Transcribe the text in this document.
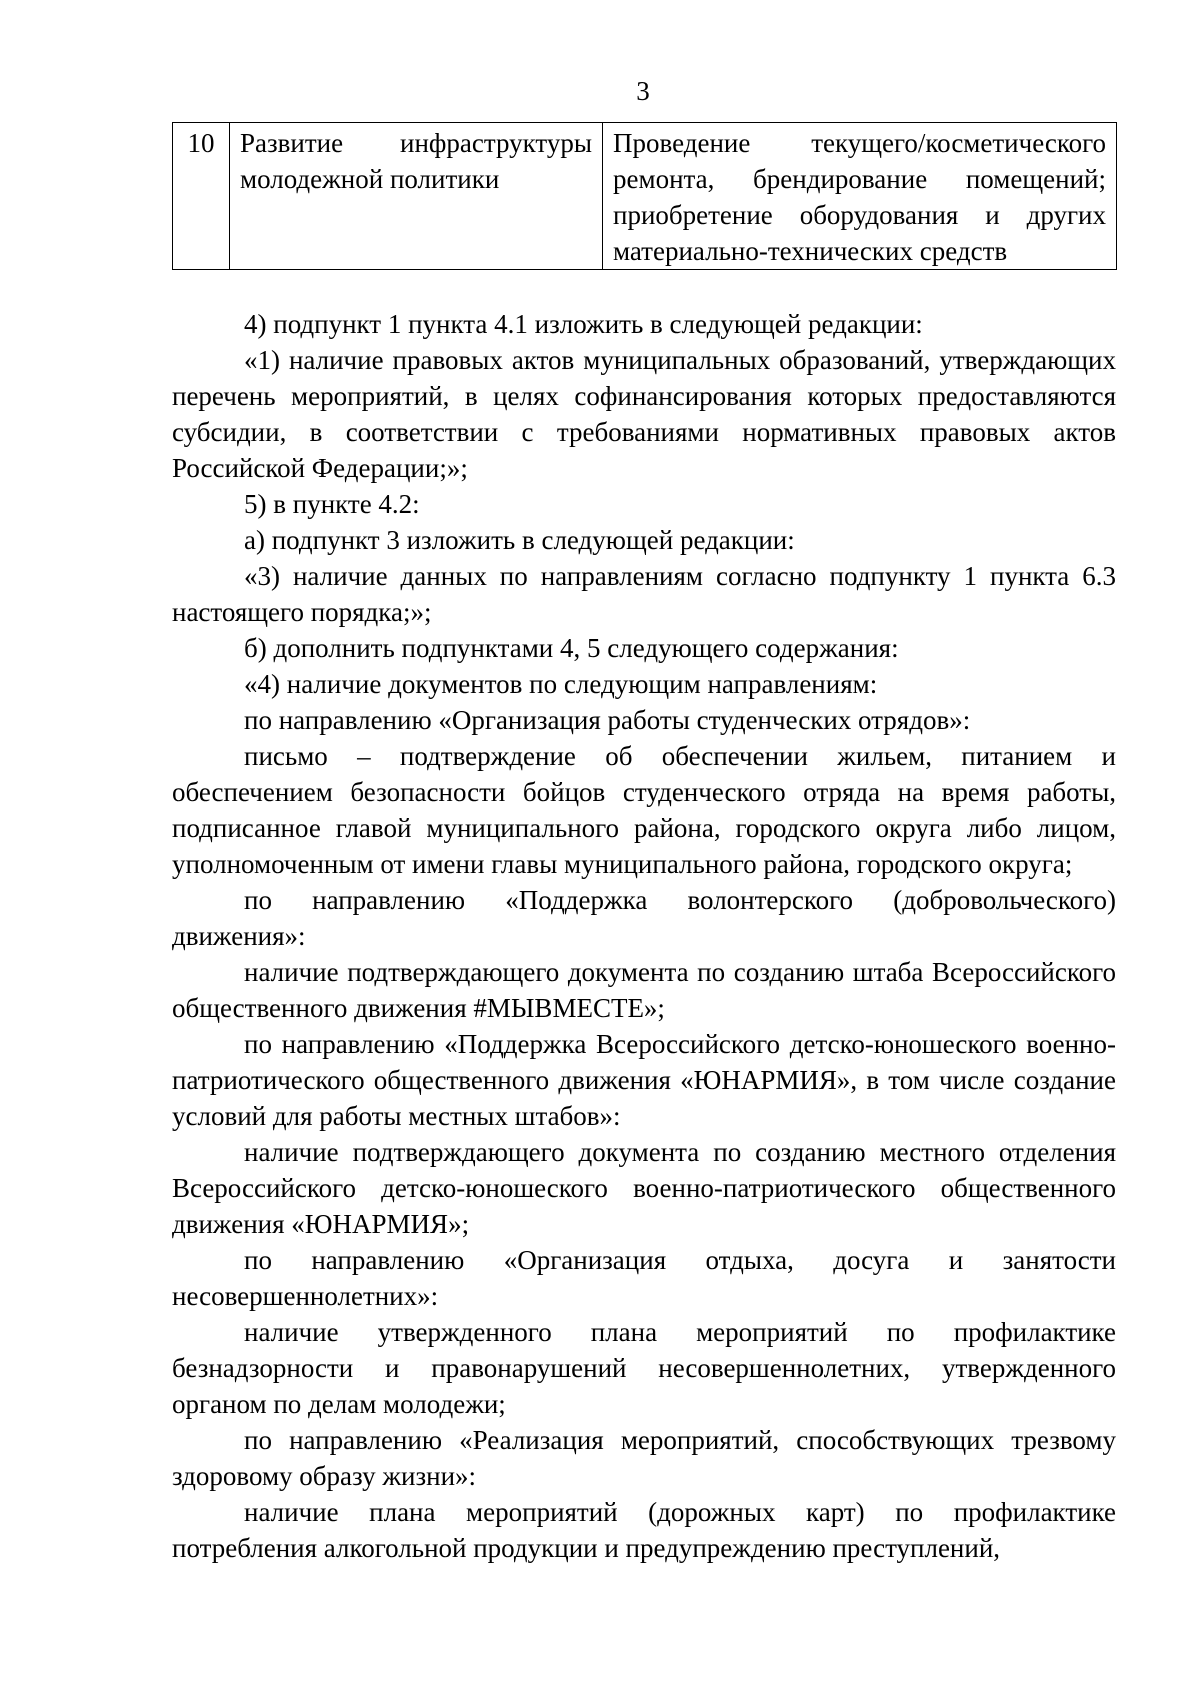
3
10	Развитие инфраструктуры молодежной политики	Проведение текущего/косметического ремонта, брендирование помещений; приобретение оборудования и других материально-технических средств

4) подпункт 1 пункта 4.1 изложить в следующей редакции:

«1) наличие правовых актов муниципальных образований, утверждающих перечень мероприятий, в целях софинансирования которых предоставляются субсидии, в соответствии с требованиями нормативных правовых актов Российской Федерации;»;

5) в пункте 4.2:

а) подпункт 3 изложить в следующей редакции:

«3) наличие данных по направлениям согласно подпункту 1 пункта 6.3 настоящего порядка;»;

б) дополнить подпунктами 4, 5 следующего содержания:

«4) наличие документов по следующим направлениям:

по направлению «Организация работы студенческих отрядов»:

письмо – подтверждение об обеспечении жильем, питанием и обеспечением безопасности бойцов студенческого отряда на время работы, подписанное главой муниципального района, городского округа либо лицом, уполномоченным от имени главы муниципального района, городского округа;

по направлению «Поддержка волонтерского (добровольческого) движения»:

наличие подтверждающего документа по созданию штаба Всероссийского общественного движения #МЫВМЕСТЕ»;

по направлению «Поддержка Всероссийского детско-юношеского военно-патриотического общественного движения «ЮНАРМИЯ», в том числе создание условий для работы местных штабов»:

наличие подтверждающего документа по созданию местного отделения Всероссийского детско-юношеского военно-патриотического общественного движения «ЮНАРМИЯ»;

по направлению «Организация отдыха, досуга и занятости несовершеннолетних»:

наличие утвержденного плана мероприятий по профилактике безнадзорности и правонарушений несовершеннолетних, утвержденного органом по делам молодежи;

по направлению «Реализация мероприятий, способствующих трезвому здоровому образу жизни»:

наличие плана мероприятий (дорожных карт) по профилактике потребления алкогольной продукции и предупреждению преступлений,
